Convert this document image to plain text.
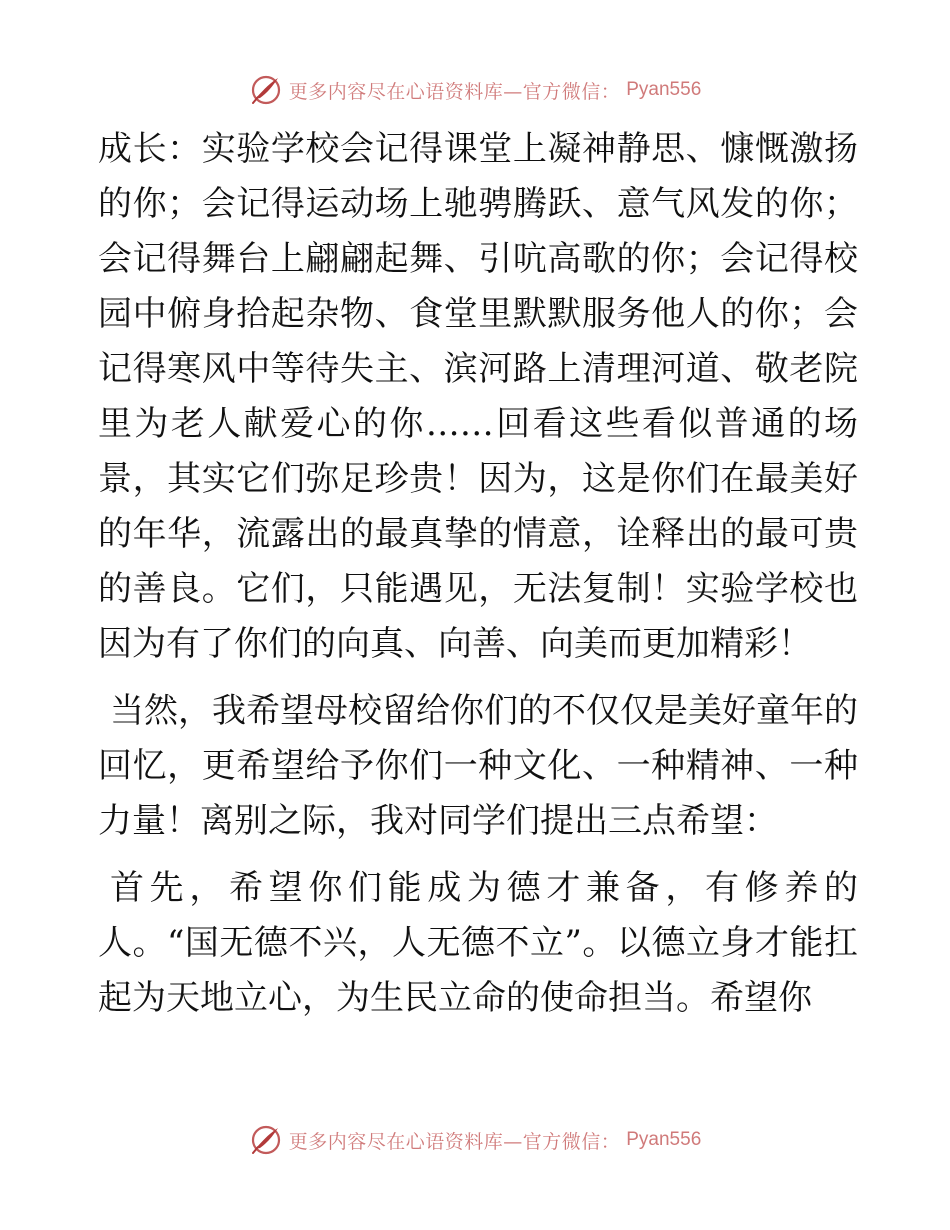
更多内容尽在心语资料库—官方微信： Pyan556

成长：实验学校会记得课堂上凝神静思、慷慨激扬的你；会记得运动场上驰骋腾跃、意气风发的你；会记得舞台上翩翩起舞、引吭高歌的你；会记得校园中俯身拾起杂物、食堂里默默服务他人的你；会记得寒风中等待失主、滨河路上清理河道、敬老院里为老人献爱心的你……回看这些看似普通的场景，其实它们弥足珍贵！因为，这是你们在最美好的年华，流露出的最真挚的情意，诠释出的最可贵的善良。它们，只能遇见，无法复制！实验学校也因为有了你们的向真、向善、向美而更加精彩！

当然，我希望母校留给你们的不仅仅是美好童年的回忆，更希望给予你们一种文化、一种精神、一种力量！离别之际，我对同学们提出三点希望：

首先，希望你们能成为德才兼备，有修养的人。“国无德不兴，人无德不立”。以德立身才能扛起为天地立心，为生民立命的使命担当。希望你

更多内容尽在心语资料库—官方微信： Pyan556
